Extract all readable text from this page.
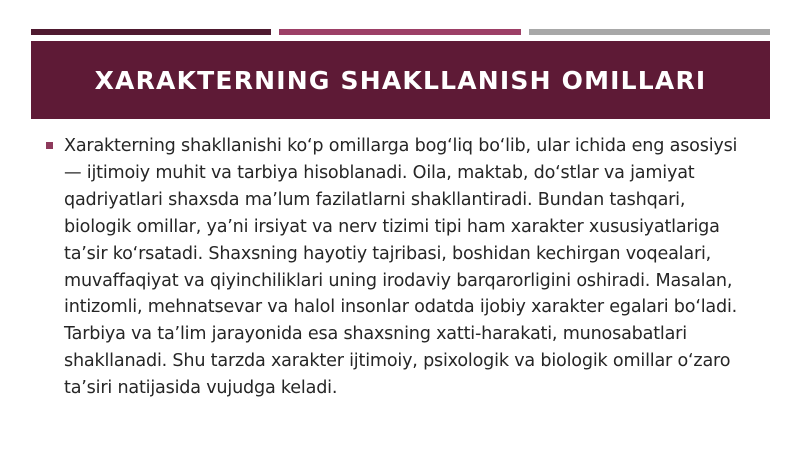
XARAKTERNING SHAKLLANISH OMILLARI

Xarakterning shakllanishi ko‘p omillarga bog‘liq bo‘lib, ular ichida eng asosiysi — ijtimoiy muhit va tarbiya hisoblanadi. Oila, maktab, do‘stlar va jamiyat qadriyatlari shaxsda ma’lum fazilatlarni shakllantiradi. Bundan tashqari, biologik omillar, ya’ni irsiyat va nerv tizimi tipi ham xarakter xususiyatlariga ta’sir ko‘rsatadi. Shaxsning hayotiy tajribasi, boshidan kechirgan voqealari, muvaffaqiyat va qiyinchiliklari uning irodaviy barqarorligini oshiradi. Masalan, intizomli, mehnatsevar va halol insonlar odatda ijobiy xarakter egalari bo‘ladi. Tarbiya va ta’lim jarayonida esa shaxsning xatti-harakati, munosabatlari shakllanadi. Shu tarzda xarakter ijtimoiy, psixologik va biologik omillar o‘zaro ta’siri natijasida vujudga keladi.
